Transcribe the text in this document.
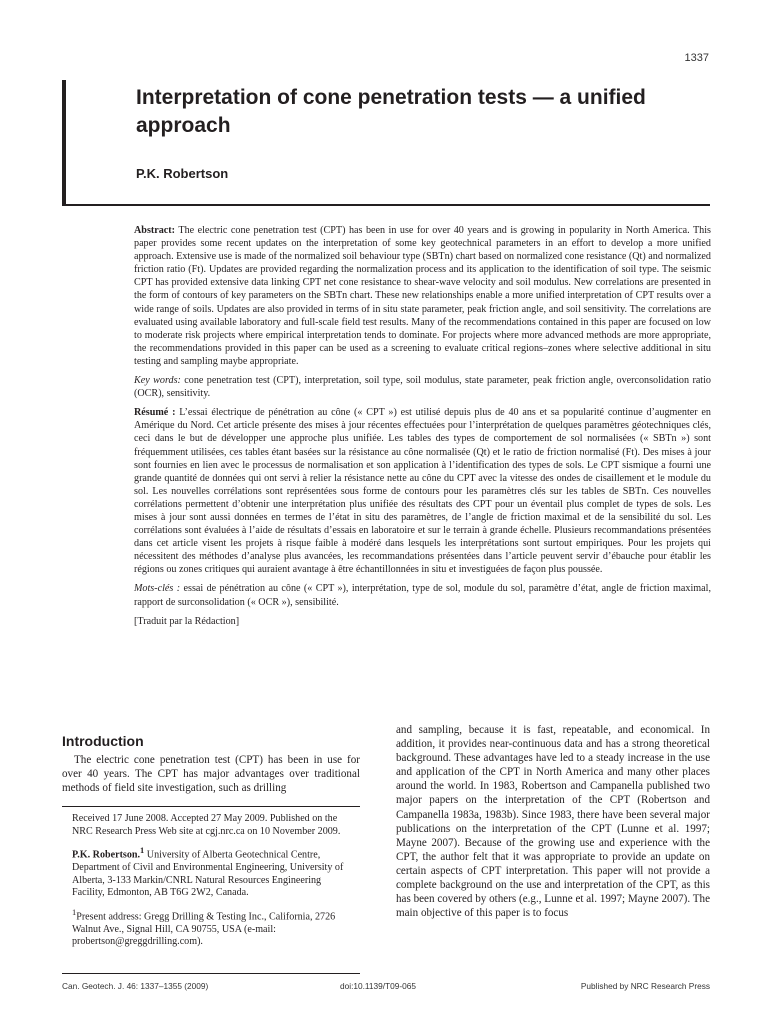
1337
Interpretation of cone penetration tests — a unified approach
P.K. Robertson

Abstract: The electric cone penetration test (CPT) has been in use for over 40 years and is growing in popularity in North America. This paper provides some recent updates on the interpretation of some key geotechnical parameters in an effort to develop a more unified approach. Extensive use is made of the normalized soil behaviour type (SBTn) chart based on normalized cone resistance (Qt) and normalized friction ratio (Ft). Updates are provided regarding the normalization process and its application to the identification of soil type. The seismic CPT has provided extensive data linking CPT net cone resistance to shear-wave velocity and soil modulus. New correlations are presented in the form of contours of key parameters on the SBTn chart. These new relationships enable a more unified interpretation of CPT results over a wide range of soils. Updates are also provided in terms of in situ state parameter, peak friction angle, and soil sensitivity. The correlations are evaluated using available laboratory and full-scale field test results. Many of the recommendations contained in this paper are focused on low to moderate risk projects where empirical interpretation tends to dominate. For projects where more advanced methods are more appropriate, the recommendations provided in this paper can be used as a screening to evaluate critical regions–zones where selective additional in situ testing and sampling maybe appropriate.

Key words: cone penetration test (CPT), interpretation, soil type, soil modulus, state parameter, peak friction angle, overconsolidation ratio (OCR), sensitivity.

Résumé : L’essai électrique de pénétration au cône (« CPT ») est utilisé depuis plus de 40 ans et sa popularité continue d’augmenter en Amérique du Nord. Cet article présente des mises à jour récentes effectuées pour l’interprétation de quelques paramètres géotechniques clés, ceci dans le but de développer une approche plus unifiée. Les tables des types de comportement de sol normalisées (« SBTn ») sont fréquemment utilisées, ces tables étant basées sur la résistance au cône normalisée (Qt) et le ratio de friction normalisé (Ft). Des mises à jour sont fournies en lien avec le processus de normalisation et son application à l’identification des types de sols. Le CPT sismique a fourni une grande quantité de données qui ont servi à relier la résistance nette au cône du CPT avec la vitesse des ondes de cisaillement et le module du sol. Les nouvelles corrélations sont représentées sous forme de contours pour les paramètres clés sur les tables de SBTn. Ces nouvelles corrélations permettent d’obtenir une interprétation plus unifiée des résultats des CPT pour un éventail plus complet de types de sols. Les mises à jour sont aussi données en termes de l’état in situ des paramètres, de l’angle de friction maximal et de la sensibilité du sol. Les corrélations sont évaluées à l’aide de résultats d’essais en laboratoire et sur le terrain à grande échelle. Plusieurs recommandations présentées dans cet article visent les projets à risque faible à modéré dans lesquels les interprétations sont surtout empiriques. Pour les projets qui nécessitent des méthodes d’analyse plus avancées, les recommandations présentées dans l’article peuvent servir d’ébauche pour établir les régions ou zones critiques qui auraient avantage à être échantillonnées in situ et investiguées de façon plus poussée.

Mots-clés : essai de pénétration au cône (« CPT »), interprétation, type de sol, module du sol, paramètre d’état, angle de friction maximal, rapport de surconsolidation (« OCR »), sensibilité.

[Traduit par la Rédaction]

Introduction

The electric cone penetration test (CPT) has been in use for over 40 years. The CPT has major advantages over traditional methods of field site investigation, such as drilling

Received 17 June 2008. Accepted 27 May 2009. Published on the NRC Research Press Web site at cgj.nrc.ca on 10 November 2009.

P.K. Robertson.$^1$ University of Alberta Geotechnical Centre, Department of Civil and Environmental Engineering, University of Alberta, 3-133 Markin/CNRL Natural Resources Engineering Facility, Edmonton, AB T6G 2W2, Canada.

$^1$Present address: Gregg Drilling & Testing Inc., California, 2726 Walnut Ave., Signal Hill, CA 90755, USA (e-mail: probertson@greggdrilling.com).

and sampling, because it is fast, repeatable, and economical. In addition, it provides near-continuous data and has a strong theoretical background. These advantages have led to a steady increase in the use and application of the CPT in North America and many other places around the world. In 1983, Robertson and Campanella published two major papers on the interpretation of the CPT (Robertson and Campanella 1983a, 1983b). Since 1983, there have been several major publications on the interpretation of the CPT (Lunne et al. 1997; Mayne 2007). Because of the growing use and experience with the CPT, the author felt that it was appropriate to provide an update on certain aspects of CPT interpretation. This paper will not provide a complete background on the use and interpretation of the CPT, as this has been covered by others (e.g., Lunne et al. 1997; Mayne 2007). The main objective of this paper is to focus

Can. Geotech. J. 46: 1337–1355 (2009)	doi:10.1139/T09-065	Published by NRC Research Press
